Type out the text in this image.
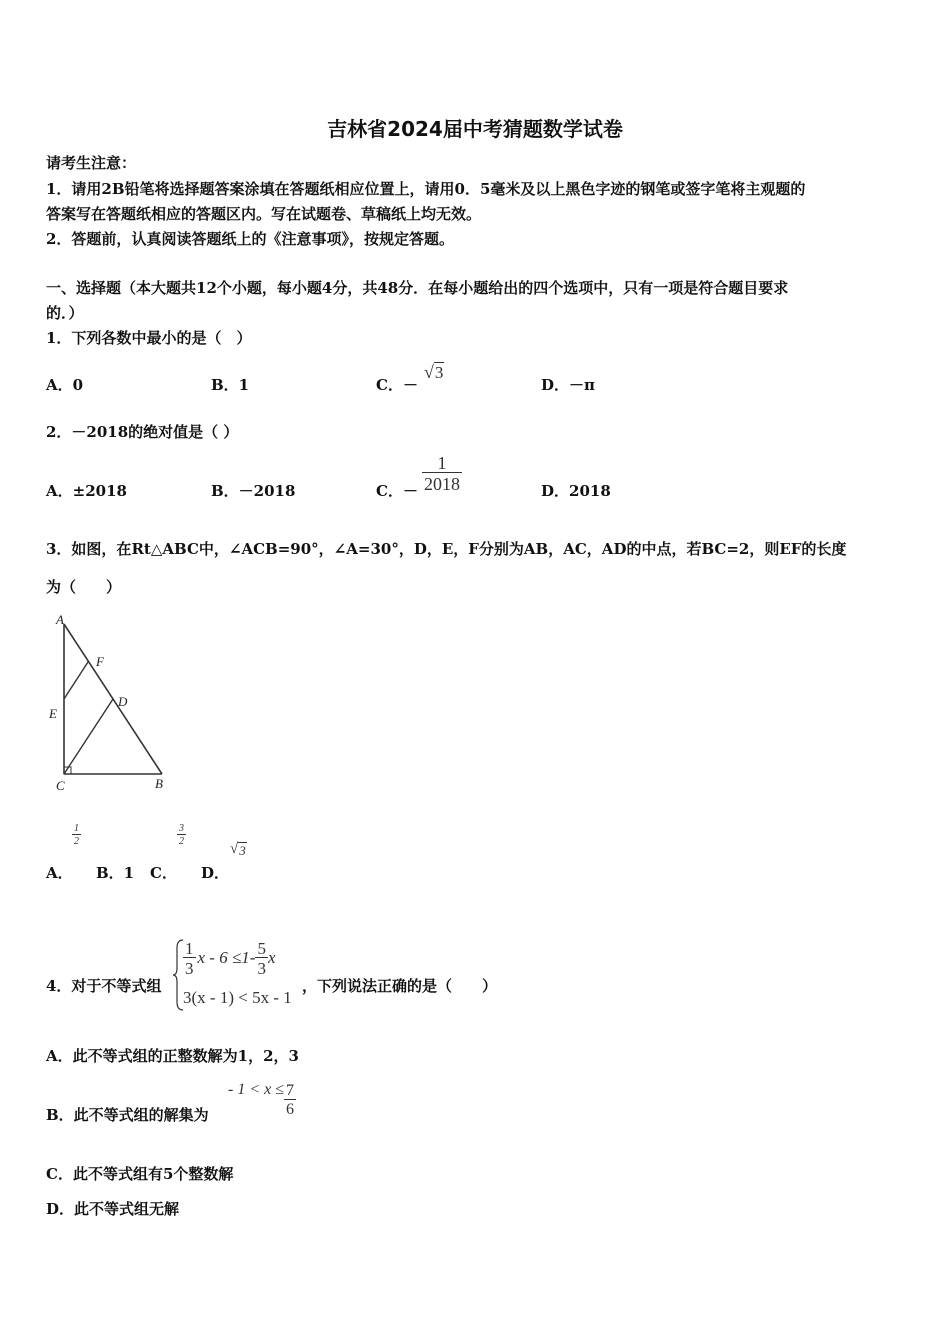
吉林省2024届中考猜题数学试卷
请考生注意：
1．请用2B铅笔将选择题答案涂填在答题纸相应位置上，请用0．5毫米及以上黑色字迹的钢笔或签字笔将主观题的
答案写在答题纸相应的答题区内。写在试题卷、草稿纸上均无效。
2．答题前，认真阅读答题纸上的《注意事项》，按规定答题。
一、选择题（本大题共12个小题，每小题4分，共48分．在每小题给出的四个选项中，只有一项是符合题目要求
的．）
1．下列各数中最小的是（　）
A．0	B．1	C．－
√ 3
D．－π
2．－2018的绝对值是（ ）
A．±2018	B．－2018	C．－ $\frac{1}{2018}$	D．2018
3．如图，在Rt△ABC中，∠ACB=90°，∠A=30°，D，E，F分别为AB，AC，AD的中点，若BC=2，则EF的长度
为（　　）
A
F
E
D
C	B
$\frac{1}{2}$	$\frac{3}{2}$
√ 3
A． B．1 C． D．
4．对于不等式组
$\frac{1}{3}$ $x - 6 \le 1- \frac{5}{3}$ x
3(x - 1) < 5x - 1
，下列说法正确的是（　　）
A．此不等式组的正整数解为1，2，3
B．此不等式组的解集为
- $1 < x \le \frac{7}{6}$
C．此不等式组有5个整数解
D．此不等式组无解
